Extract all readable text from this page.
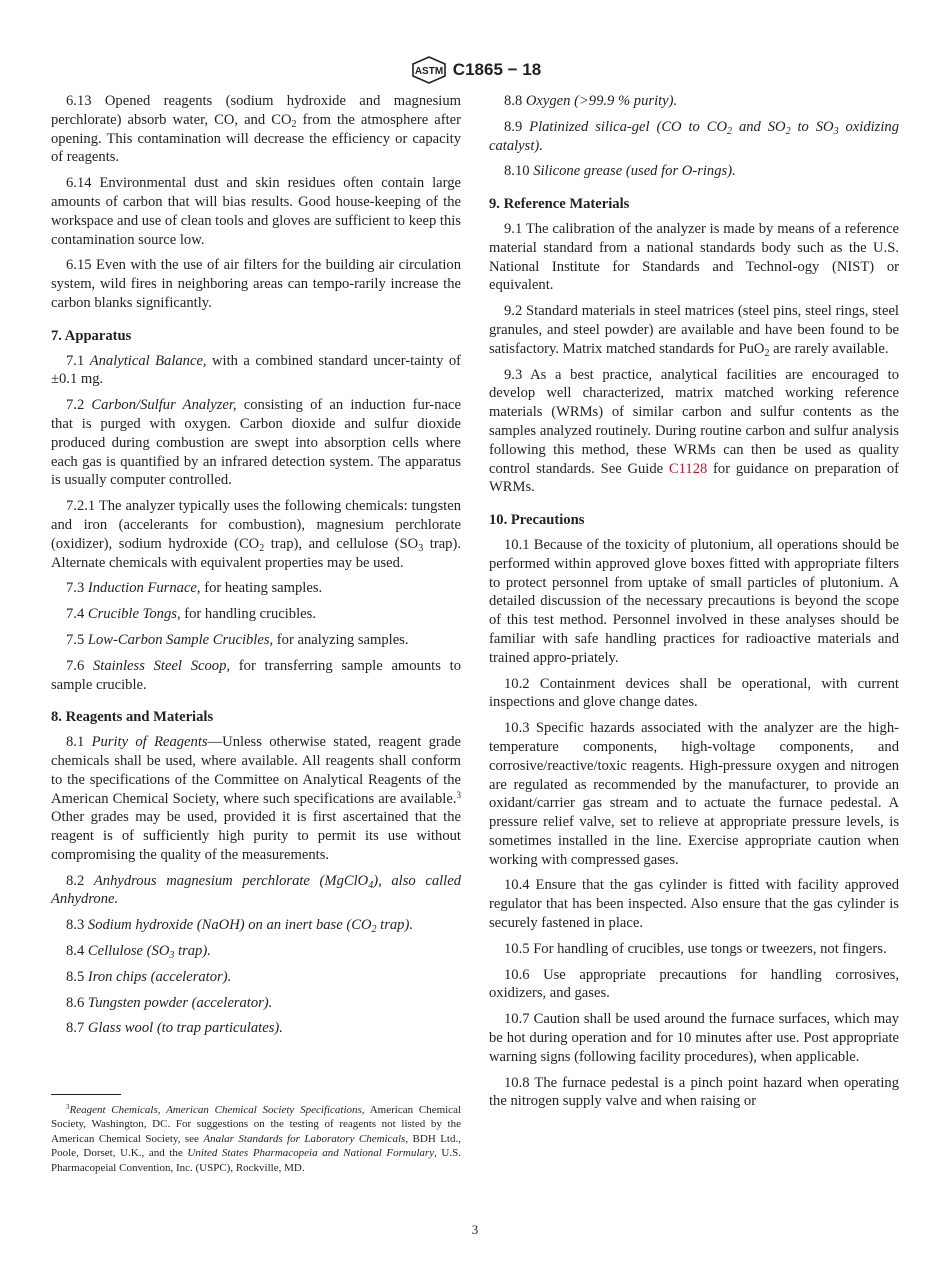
ASTM C1865 − 18

6.13 Opened reagents (sodium hydroxide and magnesium perchlorate) absorb water, CO, and $CO_2$ from the atmosphere after opening. This contamination will decrease the efficiency or capacity of reagents.

6.14 Environmental dust and skin residues often contain large amounts of carbon that will bias results. Good house-keeping of the workspace and use of clean tools and gloves are sufficient to keep this contamination source low.

6.15 Even with the use of air filters for the building air circulation system, wild fires in neighboring areas can tempo-rarily increase the carbon blanks significantly.

7. Apparatus

7.1 Analytical Balance, with a combined standard uncer-tainty of ±0.1 mg.

7.2 Carbon/Sulfur Analyzer, consisting of an induction fur-nace that is purged with oxygen. Carbon dioxide and sulfur dioxide produced during combustion are swept into absorption cells where each gas is quantified by an infrared detection system. The apparatus is usually computer controlled.

7.2.1 The analyzer typically uses the following chemicals: tungsten and iron (accelerants for combustion), magnesium perchlorate (oxidizer), sodium hydroxide ($CO_2$ trap), and cellulose ($SO_3$ trap). Alternate chemicals with equivalent properties may be used.

7.3 Induction Furnace, for heating samples.

7.4 Crucible Tongs, for handling crucibles.

7.5 Low-Carbon Sample Crucibles, for analyzing samples.

7.6 Stainless Steel Scoop, for transferring sample amounts to sample crucible.

8. Reagents and Materials

8.1 Purity of Reagents—Unless otherwise stated, reagent grade chemicals shall be used, where available. All reagents shall conform to the specifications of the Committee on Analytical Reagents of the American Chemical Society, where such specifications are available.$^3$ Other grades may be used, provided it is first ascertained that the reagent is of sufficiently high purity to permit its use without compromising the quality of the measurements.

8.2 Anhydrous magnesium perchlorate (MgClO$_4$), also called Anhydrone.

8.3 Sodium hydroxide (NaOH) on an inert base ($CO_2$ trap).

8.4 Cellulose ($SO_3$ trap).

8.5 Iron chips (accelerator).

8.6 Tungsten powder (accelerator).

8.7 Glass wool (to trap particulates).

8.8 Oxygen (>99.9 % purity).

8.9 Platinized silica-gel (CO to $CO_2$ and $SO_2$ to $SO_3$ oxidizing catalyst).

8.10 Silicone grease (used for O-rings).

9. Reference Materials

9.1 The calibration of the analyzer is made by means of a reference material standard from a national standards body such as the U.S. National Institute for Standards and Technol-ogy (NIST) or equivalent.

9.2 Standard materials in steel matrices (steel pins, steel rings, steel granules, and steel powder) are available and have been found to be satisfactory. Matrix matched standards for PuO$_2$ are rarely available.

9.3 As a best practice, analytical facilities are encouraged to develop well characterized, matrix matched working reference materials (WRMs) of similar carbon and sulfur contents as the samples analyzed routinely. During routine carbon and sulfur analysis following this method, these WRMs can then be used as quality control standards. See Guide C1128 for guidance on preparation of WRMs.

10. Precautions

10.1 Because of the toxicity of plutonium, all operations should be performed within approved glove boxes fitted with appropriate filters to protect personnel from uptake of small particles of plutonium. A detailed discussion of the necessary precautions is beyond the scope of this test method. Personnel involved in these analyses should be familiar with safe handling practices for radioactive materials and trained appro-priately.

10.2 Containment devices shall be operational, with current inspections and glove change dates.

10.3 Specific hazards associated with the analyzer are the high-temperature components, high-voltage components, and corrosive/reactive/toxic reagents. High-pressure oxygen and nitrogen are regulated as recommended by the manufacturer, to provide an oxidant/carrier gas stream and to actuate the furnace pedestal. A pressure relief valve, set to relieve at appropriate pressure levels, is sometimes installed in the line. Exercise appropriate caution when working with compressed gases.

10.4 Ensure that the gas cylinder is fitted with facility approved regulator that has been inspected. Also ensure that the gas cylinder is securely fastened in place.

10.5 For handling of crucibles, use tongs or tweezers, not fingers.

10.6 Use appropriate precautions for handling corrosives, oxidizers, and gases.

10.7 Caution shall be used around the furnace surfaces, which may be hot during operation and for 10 minutes after use. Post appropriate warning signs (following facility procedures), when applicable.

10.8 The furnace pedestal is a pinch point hazard when operating the nitrogen supply valve and when raising or

$^3$Reagent Chemicals, American Chemical Society Specifications, American Chemical Society, Washington, DC. For suggestions on the testing of reagents not listed by the American Chemical Society, see Analar Standards for Laboratory Chemicals, BDH Ltd., Poole, Dorset, U.K., and the United States Pharmacopeia and National Formulary, U.S. Pharmacopeial Convention, Inc. (USPC), Rockville, MD.
3
